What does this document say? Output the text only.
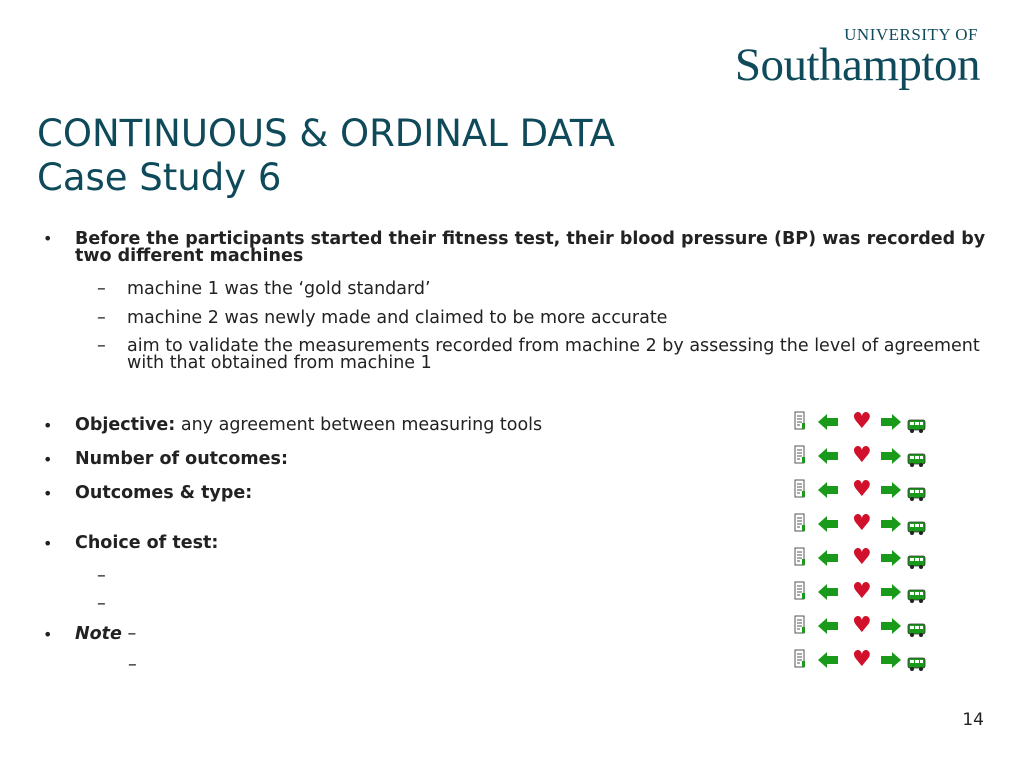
UNIVERSITY OF
Southampton
CONTINUOUS & ORDINAL DATA
Case Study 6
• Before the participants started their fitness test, their blood pressure (BP) was recorded by two different machines
– machine 1 was the ‘gold standard’
– machine 2 was newly made and claimed to be more accurate
– aim to validate the measurements recorded from machine 2 by assessing the level of agreement with that obtained from machine 1
• Objective: any agreement between measuring tools
• Number of outcomes:
• Outcomes & type:
• Choice of test:
–
–
• Note –
–
♥
♥
♥
♥
♥
♥
♥
♥
14
